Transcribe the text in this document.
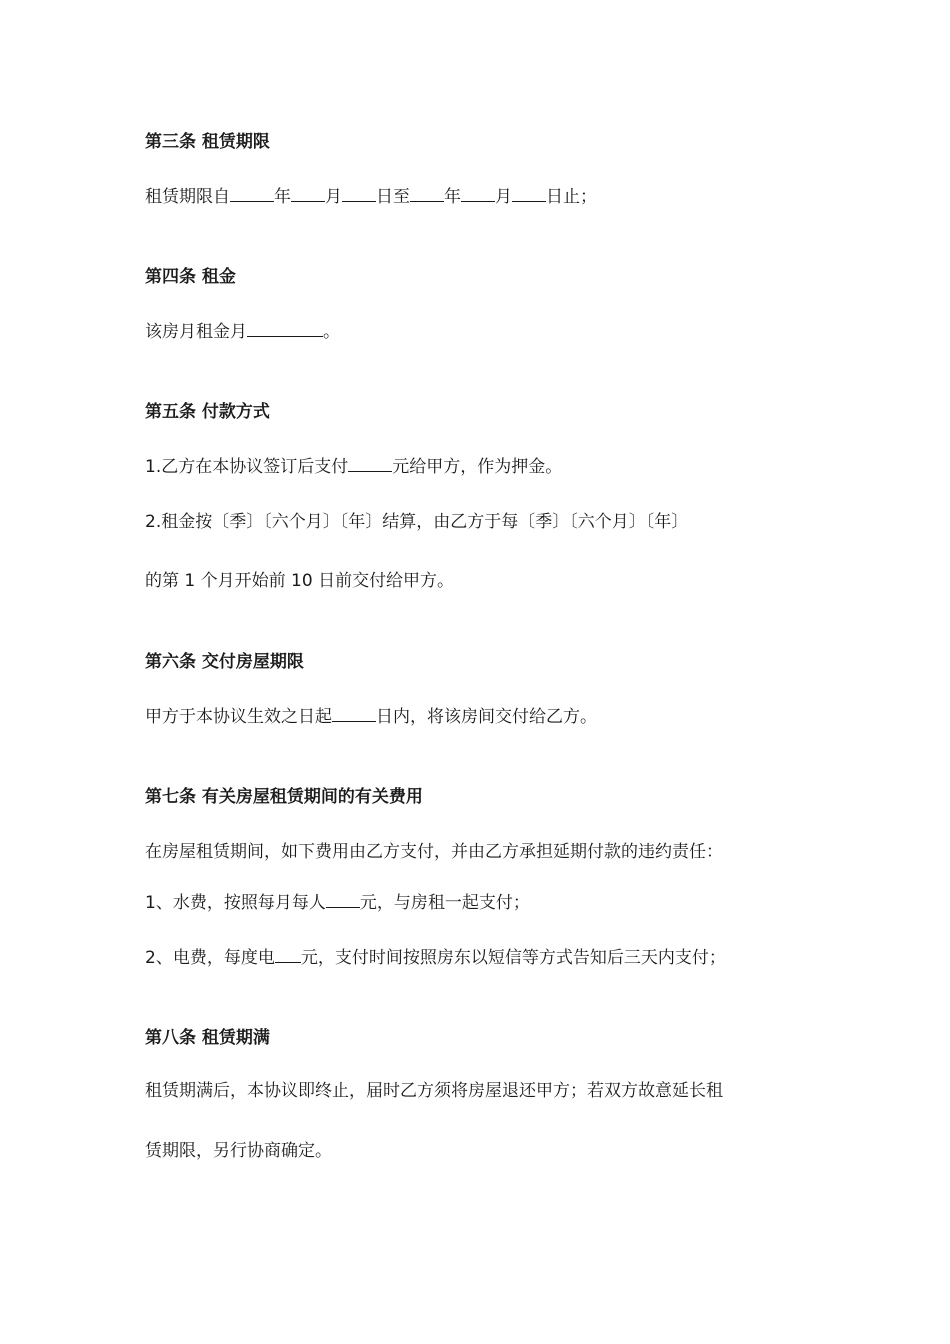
第三条 租赁期限
租赁期限自	年 月 日至 年 月 日止；
第四条 租金
该房月租金月	。
第五条 付款方式
1.乙方在本协议签订后支付	元给甲方，作为押金。
2.租金按〔季〕〔六个月〕〔年〕结算，由乙方于每〔季〕〔六个月〕〔年〕
的第 1 个月开始前 10 日前交付给甲方。
第六条 交付房屋期限
甲方于本协议生效之日起	日内，将该房间交付给乙方。
第七条 有关房屋租赁期间的有关费用
在房屋租赁期间，如下费用由乙方支付，并由乙方承担延期付款的违约责任：
1、水费，按照每月每人 元，与房租一起支付；
2、电费，每度电 元，支付时间按照房东以短信等方式告知后三天内支付；
第八条 租赁期满
租赁期满后，本协议即终止，届时乙方须将房屋退还甲方；若双方故意延长租
赁期限，另行协商确定。
